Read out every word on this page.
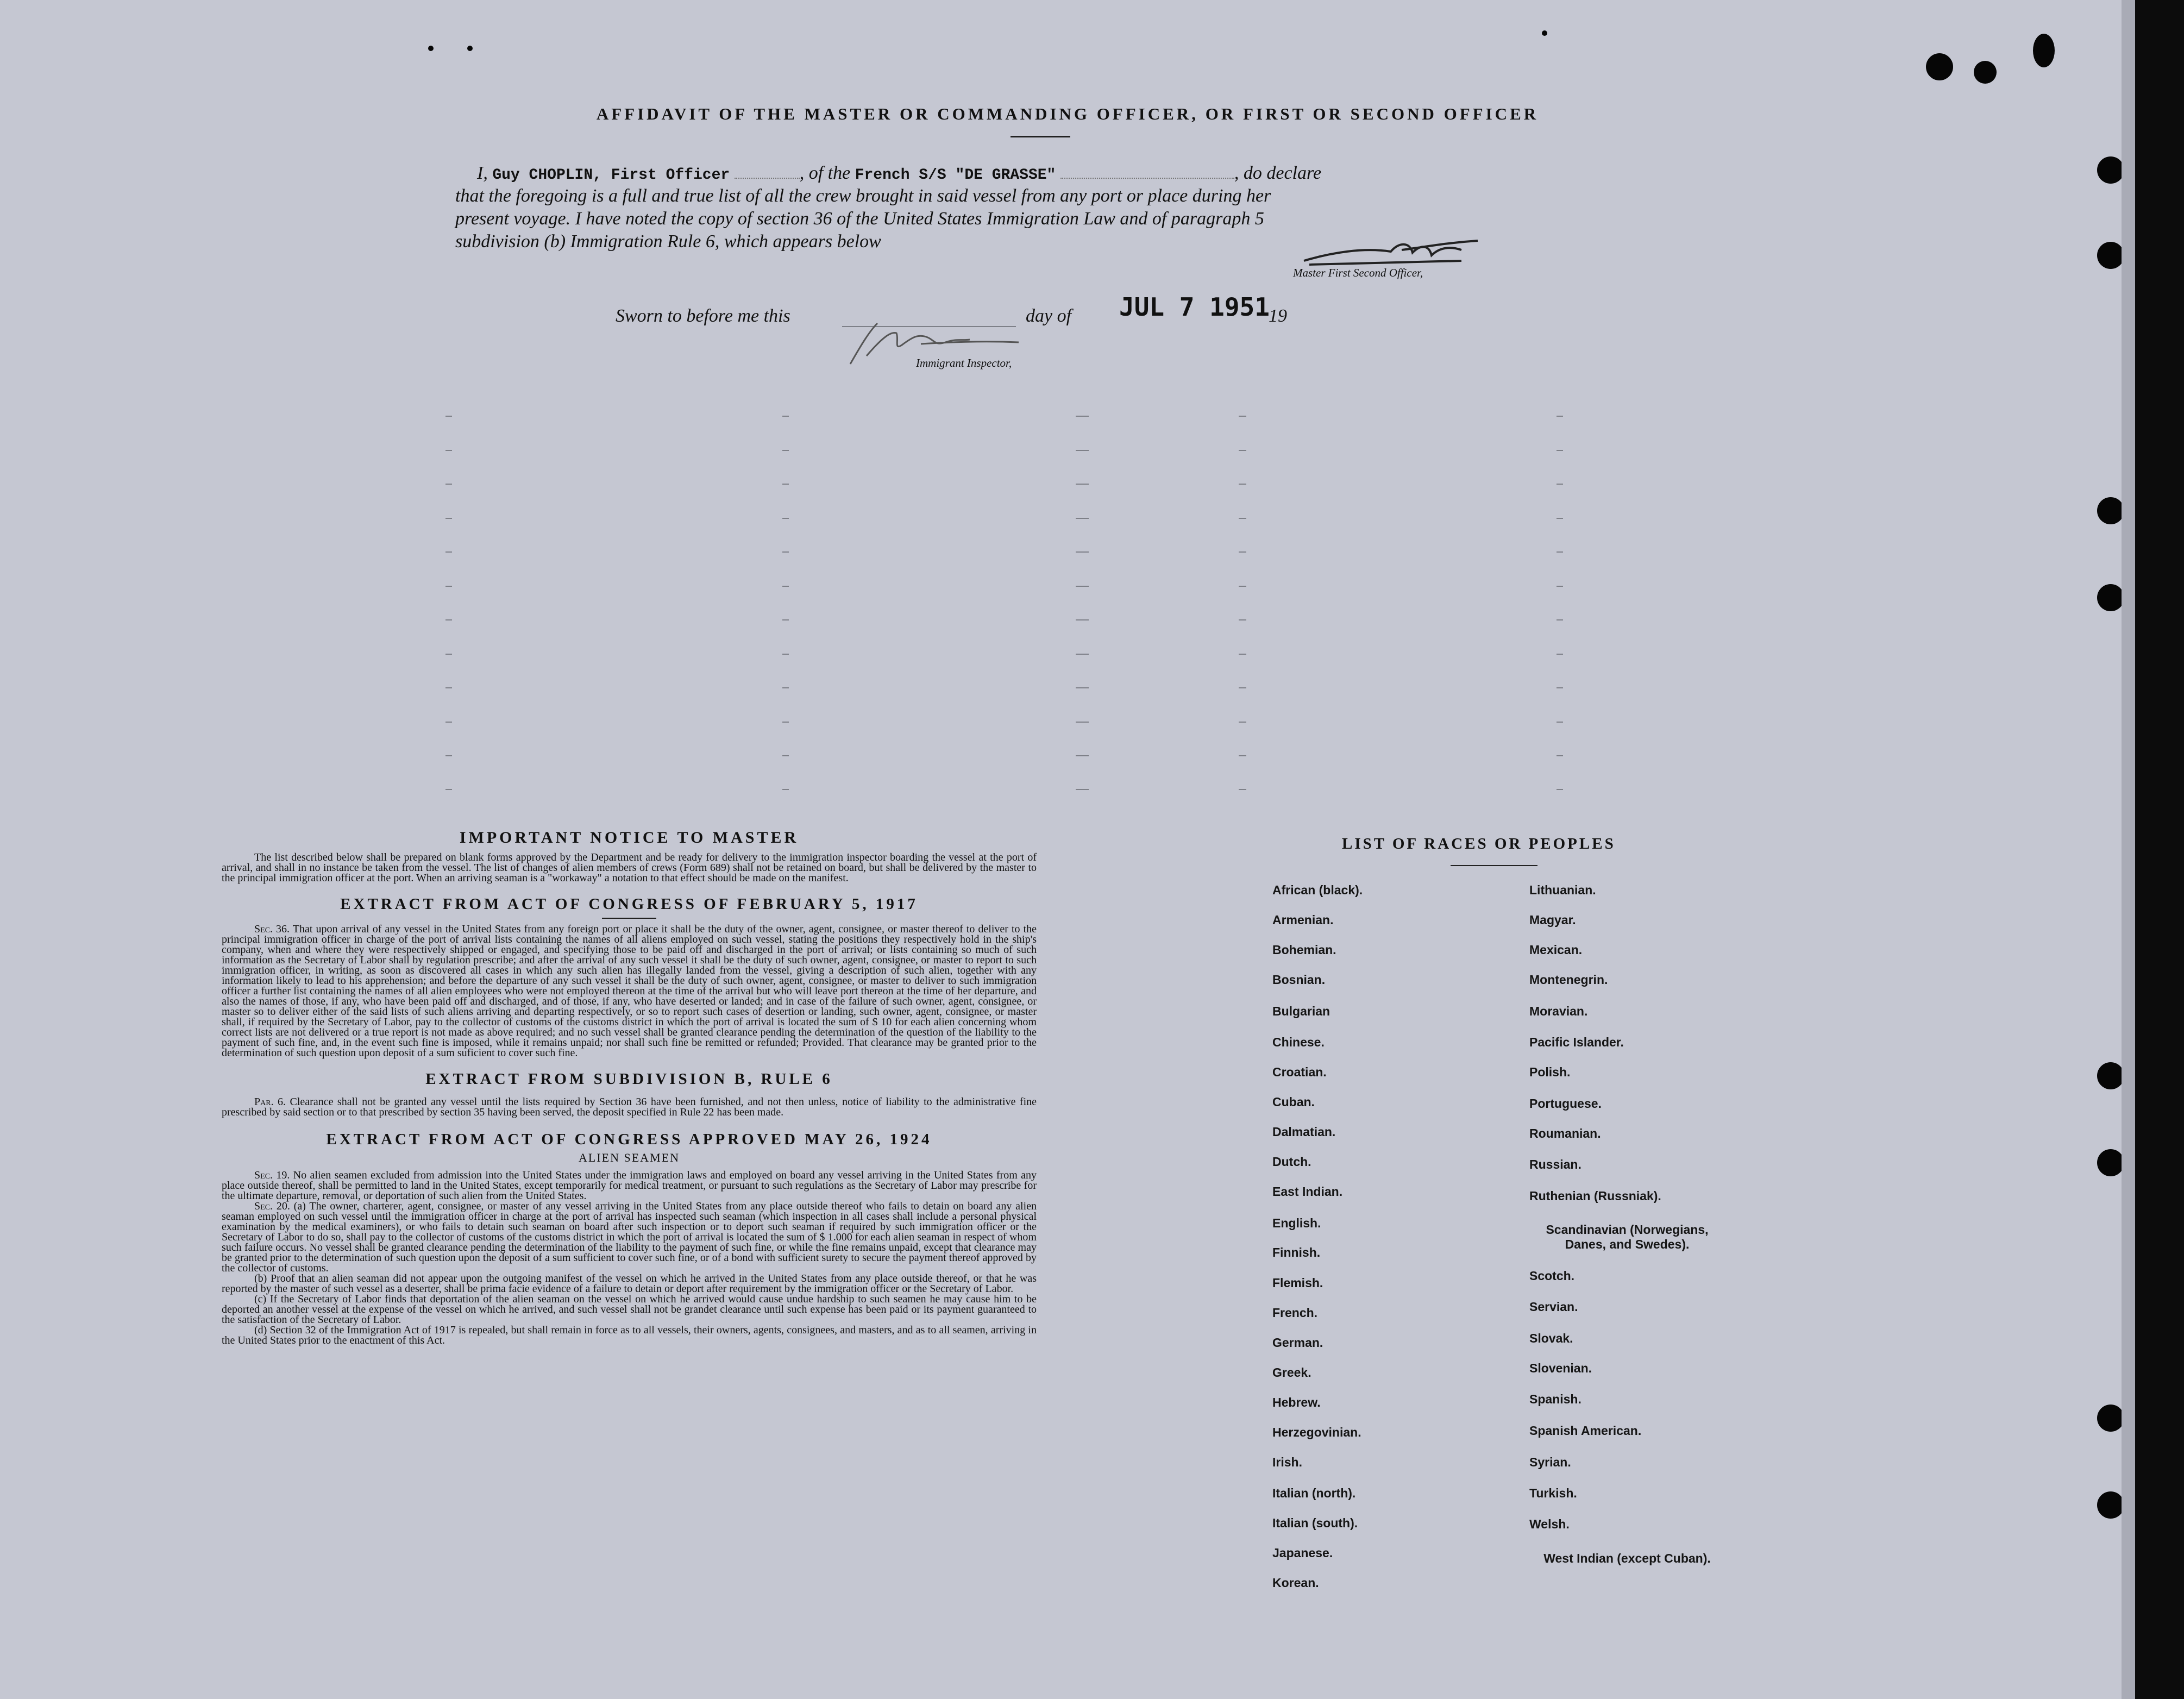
AFFIDAVIT OF THE MASTER OR COMMANDING OFFICER, OR FIRST OR SECOND OFFICER
I, Guy CHOPLIN, First Officer	, of the French S/S "DE GRASSE"	, do declare
that the foregoing is a full and true list of all the crew brought in said vessel from any port or place during her
present voyage. I have noted the copy of section 36 of the United States Immigration Law and of paragraph 5
subdivision (b) Immigration Rule 6, which appears below
Master First Second Officer,
Sworn to before me this	day of JUL 7 1951
19
Immigrant Inspector,
IMPORTANT NOTICE TO MASTER

The list described below shall be prepared on blank forms approved by the Department and be ready for delivery to the immigration inspector boarding the vessel at the port of arrival, and shall in no instance be taken from the vessel. The list of changes of alien members of crews (Form 689) shall not be retained on board, but shall be delivered by the master to the principal immigration officer at the port. When an arriving seaman is a "workaway" a notation to that effect should be made on the manifest.

EXTRACT FROM ACT OF CONGRESS OF FEBRUARY 5, 1917

Sec. 36. That upon arrival of any vessel in the United States from any foreign port or place it shall be the duty of the owner, agent, consignee, or master thereof to deliver to the principal immigration officer in charge of the port of arrival lists containing the names of all aliens employed on such vessel, stating the positions they respectively hold in the ship's company, when and where they were respectively shipped or engaged, and specifying those to be paid off and discharged in the port of arrival; or lists containing so much of such information as the Secretary of Labor shall by regulation prescribe; and after the arrival of any such vessel it shall be the duty of such owner, agent, consignee, or master to report to such immigration officer, in writing, as soon as discovered all cases in which any such alien has illegally landed from the vessel, giving a description of such alien, together with any information likely to lead to his apprehension; and before the departure of any such vessel it shall be the duty of such owner, agent, consignee, or master to deliver to such immigration officer a further list containing the names of all alien employees who were not employed thereon at the time of the arrival but who will leave port thereon at the time of her departure, and also the names of those, if any, who have been paid off and discharged, and of those, if any, who have deserted or landed; and in case of the failure of such owner, agent, consignee, or master so to deliver either of the said lists of such aliens arriving and departing respectively, or so to report such cases of desertion or landing, such owner, agent, consignee, or master shall, if required by the Secretary of Labor, pay to the collector of customs of the customs district in which the port of arrival is located the sum of $ 10 for each alien concerning whom correct lists are not delivered or a true report is not made as above required; and no such vessel shall be granted clearance pending the determination of the question of the liability to the payment of such fine, and, in the event such fine is imposed, while it remains unpaid; nor shall such fine be remitted or refunded; Provided. That clearance may be granted prior to the determination of such question upon deposit of a sum suficient to cover such fine.

EXTRACT FROM SUBDIVISION B, RULE 6

Par. 6. Clearance shall not be granted any vessel until the lists required by Section 36 have been furnished, and not then unless, notice of liability to the administrative fine prescribed by said section or to that prescribed by section 35 having been served, the deposit specified in Rule 22 has been made.

EXTRACT FROM ACT OF CONGRESS APPROVED MAY 26, 1924
ALIEN SEAMEN

Sec. 19. No alien seamen excluded from admission into the United States under the immigration laws and employed on board any vessel arriving in the United States from any place outside thereof, shall be permitted to land in the United States, except temporarily for medical treatment, or pursuant to such regulations as the Secretary of Labor may prescribe for the ultimate departure, removal, or deportation of such alien from the United States.

Sec. 20. (a) The owner, charterer, agent, consignee, or master of any vessel arriving in the United States from any place outside thereof who fails to detain on board any alien seaman employed on such vessel until the immigration officer in charge at the port of arrival has inspected such seaman (which inspection in all cases shall include a personal physical examination by the medical examiners), or who fails to detain such seaman on board after such inspection or to deport such seaman if required by such immigration officer or the Secretary of Labor to do so, shall pay to the collector of customs of the customs district in which the port of arrival is located the sum of $ 1.000 for each alien seaman in respect of whom such failure occurs. No vessel shall be granted clearance pending the determination of the liability to the payment of such fine, or while the fine remains unpaid, except that clearance may be granted prior to the determination of such question upon the deposit of a sum sufficient to cover such fine, or of a bond with sufficient surety to secure the payment thereof approved by the collector of customs.

(b) Proof that an alien seaman did not appear upon the outgoing manifest of the vessel on which he arrived in the United States from any place outside thereof, or that he was reported by the master of such vessel as a deserter, shall be prima facie evidence of a failure to detain or deport after requirement by the immigration officer or the Secretary of Labor.

(c) If the Secretary of Labor finds that deportation of the alien seaman on the vessel on which he arrived would cause undue hardship to such seamen he may cause him to be deported an another vessel at the expense of the vessel on which he arrived, and such vessel shall not be grandet clearance until such expense has been paid or its payment guaranteed to the satisfaction of the Secretary of Labor.

(d) Section 32 of the Immigration Act of 1917 is repealed, but shall remain in force as to all vessels, their owners, agents, consignees, and masters, and as to all seamen, arriving in the United States prior to the enactment of this Act.

LIST OF RACES OR PEOPLES
African (black).
Armenian.
Bohemian.
Bosnian.
Bulgarian
Chinese.
Croatian.
Cuban.
Dalmatian.
Dutch.
East Indian.
English.
Finnish.
Flemish.
French.
German.
Greek.
Hebrew.
Herzegovinian.
Irish.
Italian (north).
Italian (south).
Japanese.
Korean.
Lithuanian.
Magyar.
Mexican.
Montenegrin.
Moravian.
Pacific Islander.
Polish.
Portuguese.
Roumanian.
Russian.
Ruthenian (Russniak).
Scandinavian (Norwegians, Danes, and Swedes).
Scotch.
Servian.
Slovak.
Slovenian.
Spanish.
Spanish American.
Syrian.
Turkish.
Welsh.
West Indian (except Cuban).
